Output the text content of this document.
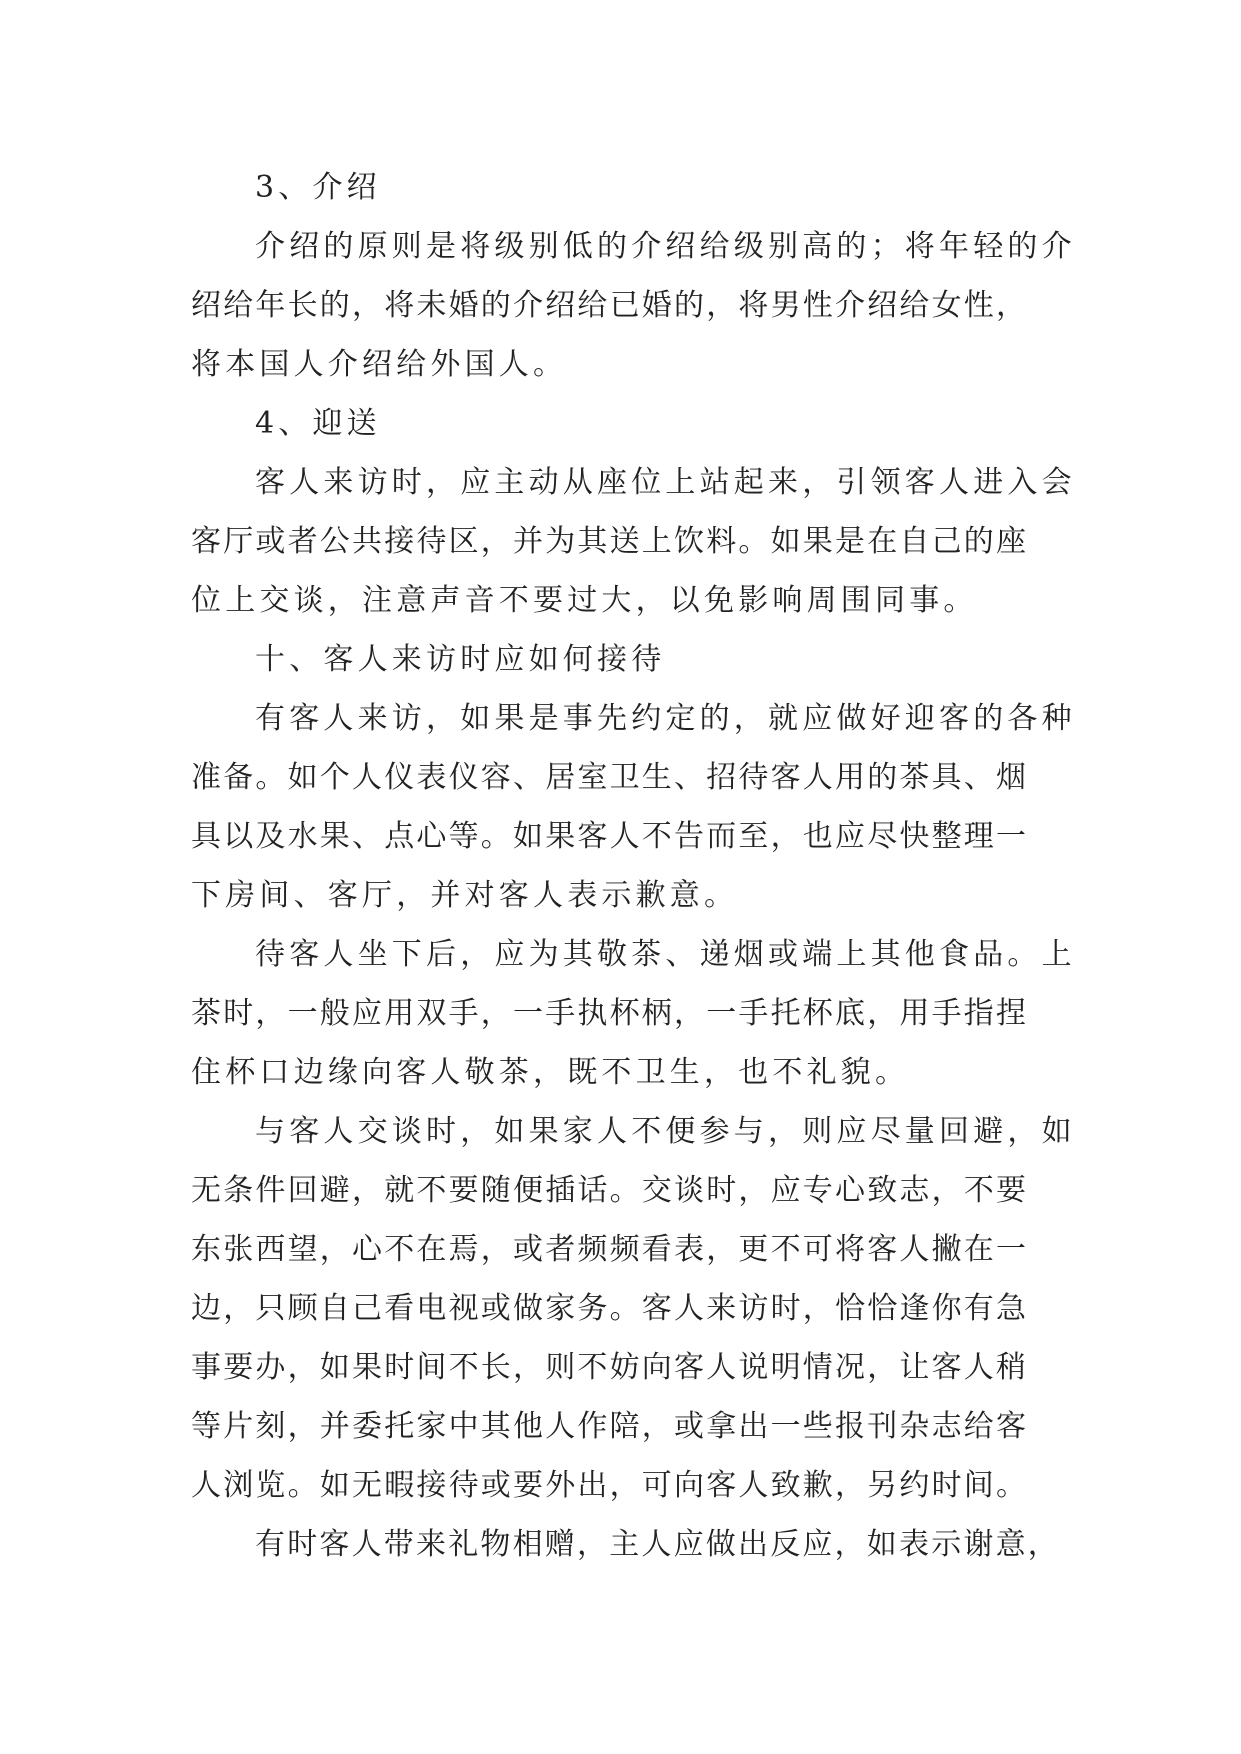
3、介绍
介绍的原则是将级别低的介绍给级别高的；将年轻的介
绍给年长的，将未婚的介绍给已婚的，将男性介绍给女性，
将本国人介绍给外国人。
4、迎送
客人来访时，应主动从座位上站起来，引领客人进入会
客厅或者公共接待区，并为其送上饮料。如果是在自己的座
位上交谈，注意声音不要过大，以免影响周围同事。
十、客人来访时应如何接待
有客人来访，如果是事先约定的，就应做好迎客的各种
准备。如个人仪表仪容、居室卫生、招待客人用的茶具、烟
具以及水果、点心等。如果客人不告而至，也应尽快整理一
下房间、客厅，并对客人表示歉意。
待客人坐下后，应为其敬茶、递烟或端上其他食品。上
茶时，一般应用双手，一手执杯柄，一手托杯底，用手指捏
住杯口边缘向客人敬茶，既不卫生，也不礼貌。
与客人交谈时，如果家人不便参与，则应尽量回避，如
无条件回避，就不要随便插话。交谈时，应专心致志，不要
东张西望，心不在焉，或者频频看表，更不可将客人撇在一
边，只顾自己看电视或做家务。客人来访时，恰恰逢你有急
事要办，如果时间不长，则不妨向客人说明情况，让客人稍
等片刻，并委托家中其他人作陪，或拿出一些报刊杂志给客
人浏览。如无暇接待或要外出，可向客人致歉，另约时间。
有时客人带来礼物相赠，主人应做出反应，如表示谢意，
